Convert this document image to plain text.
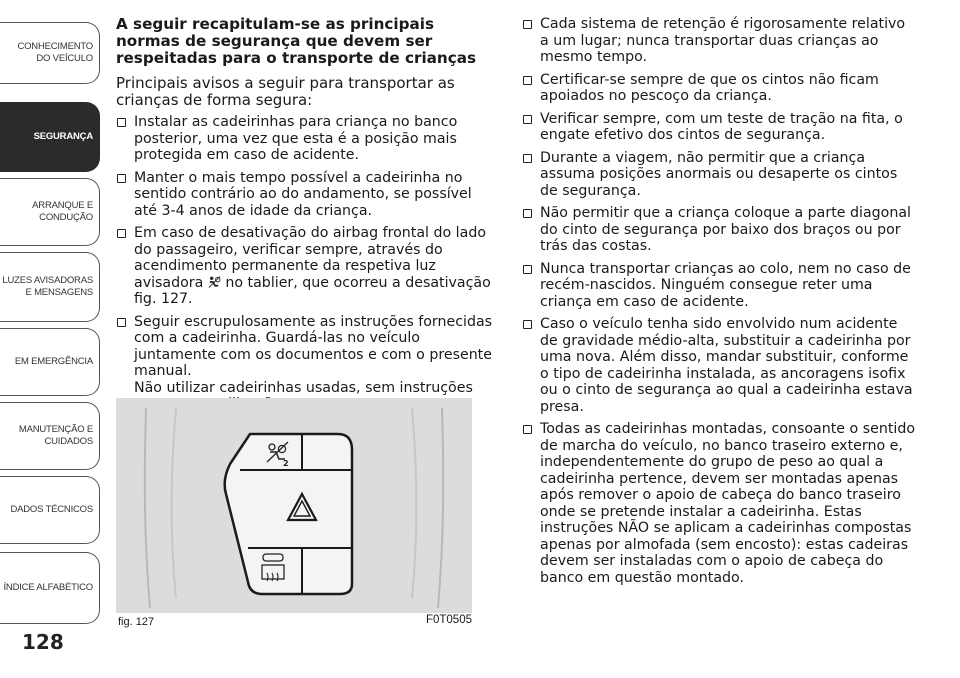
CONHECIMENTO
DO VEÍCULO
SEGURANÇA
ARRANQUE E
CONDUÇÃO
LUZES AVISADORAS
E MENSAGENS
EM EMERGÊNCIA
MANUTENÇÃO E
CUIDADOS
DADOS TÉCNICOS
ÍNDICE ALFABÉTICO
128
A seguir recapitulam-se as principais normas de segurança que devem ser respeitadas para o transporte de crianças
Principais avisos a seguir para transportar as crianças de forma segura:
Instalar as cadeirinhas para criança no banco posterior, uma vez que esta é a posição mais protegida em caso de acidente.
Manter o mais tempo possível a cadeirinha no sentido contrário ao do andamento, se possível até 3-4 anos de idade da criança.
Em caso de desativação do airbag frontal do lado do passageiro, verificar sempre, através do acendimento permanente da respetiva luz avisadora  no tablier, que ocorreu a desativação fig. 127.
Seguir escrupulosamente as instruções fornecidas com a cadeirinha. Guardá-las no veículo juntamente com os documentos e com o presente manual.
Não utilizar cadeirinhas usadas, sem instruções
2
fig. 127	F0T0505
Cada sistema de retenção é rigorosamente relativo a um lugar; nunca transportar duas crianças ao mesmo tempo.
Certificar-se sempre de que os cintos não ficam apoiados no pescoço da criança.
Verificar sempre, com um teste de tração na fita, o engate efetivo dos cintos de segurança.
Durante a viagem, não permitir que a criança assuma posições anormais ou desaperte os cintos de segurança.
Não permitir que a criança coloque a parte diagonal do cinto de segurança por baixo dos braços ou por trás das costas.
Nunca transportar crianças ao colo, nem no caso de recém-nascidos. Ninguém consegue reter uma criança em caso de acidente.
Caso o veículo tenha sido envolvido num acidente de gravidade médio-alta, substituir a cadeirinha por uma nova. Além disso, mandar substituir, conforme o tipo de cadeirinha instalada, as ancoragens isofix ou o cinto de segurança ao qual a cadeirinha estava presa.
Todas as cadeirinhas montadas, consoante o sentido de marcha do veículo, no banco traseiro externo e, independentemente do grupo de peso ao qual a cadeirinha pertence, devem ser montadas apenas após remover o apoio de cabeça do banco traseiro onde se pretende instalar a cadeirinha. Estas instruções NÃO se aplicam a cadeirinhas compostas apenas por almofada (sem encosto): estas cadeiras devem ser instaladas com o apoio de cabeça do banco em questão montado.
